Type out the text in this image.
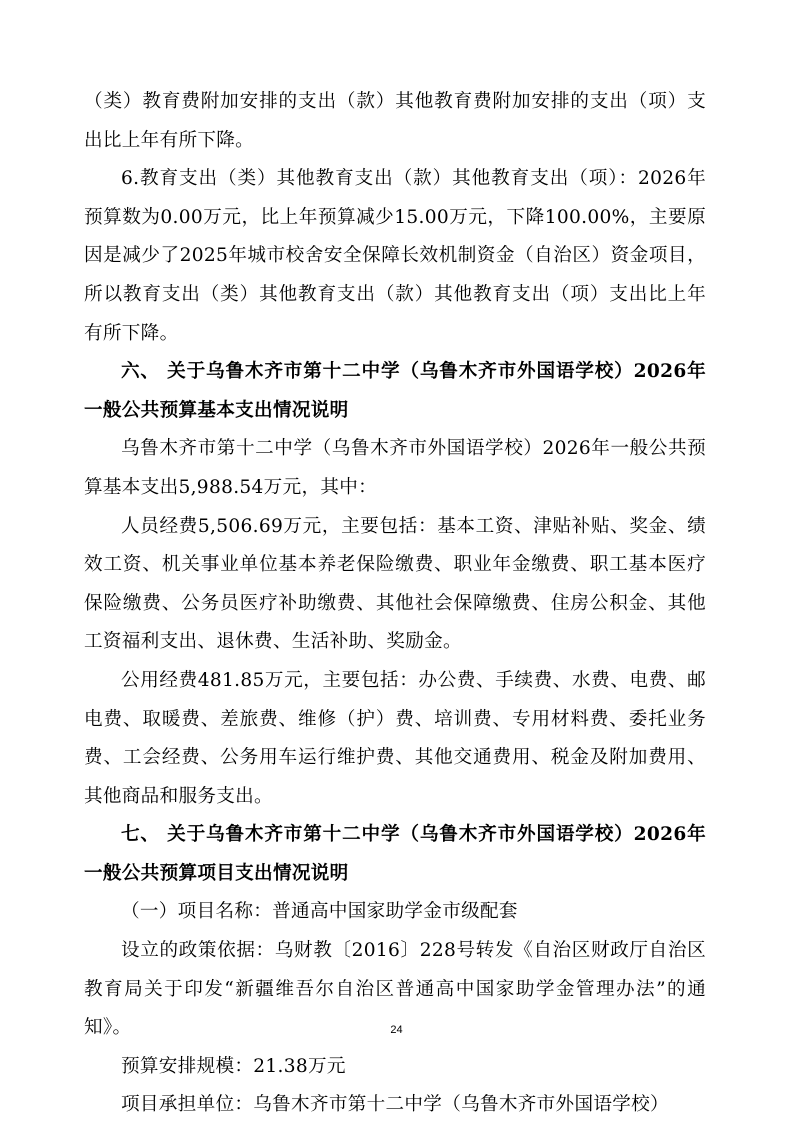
（类）教育费附加安排的支出（款）其他教育费附加安排的支出（项）支出比上年有所下降。

6.教育支出（类）其他教育支出（款）其他教育支出（项）：2026年预算数为0.00万元，比上年预算减少15.00万元，下降100.00%，主要原因是减少了2025年城市校舍安全保障长效机制资金（自治区）资金项目，所以教育支出（类）其他教育支出（款）其他教育支出（项）支出比上年有所下降。

六、 关于乌鲁木齐市第十二中学（乌鲁木齐市外国语学校）2026年一般公共预算基本支出情况说明

乌鲁木齐市第十二中学（乌鲁木齐市外国语学校）2026年一般公共预算基本支出5,988.54万元，其中：

人员经费5,506.69万元，主要包括：基本工资、津贴补贴、奖金、绩效工资、机关事业单位基本养老保险缴费、职业年金缴费、职工基本医疗保险缴费、公务员医疗补助缴费、其他社会保障缴费、住房公积金、其他工资福利支出、退休费、生活补助、奖励金。

公用经费481.85万元，主要包括：办公费、手续费、水费、电费、邮电费、取暖费、差旅费、维修（护）费、培训费、专用材料费、委托业务费、工会经费、公务用车运行维护费、其他交通费用、税金及附加费用、其他商品和服务支出。

七、 关于乌鲁木齐市第十二中学（乌鲁木齐市外国语学校）2026年一般公共预算项目支出情况说明

（一）项目名称：普通高中国家助学金市级配套

设立的政策依据：乌财教〔2016〕228号转发《自治区财政厅自治区教育局关于印发“新疆维吾尔自治区普通高中国家助学金管理办法”的通知》。

预算安排规模：21.38万元

项目承担单位：乌鲁木齐市第十二中学（乌鲁木齐市外国语学校）

24
